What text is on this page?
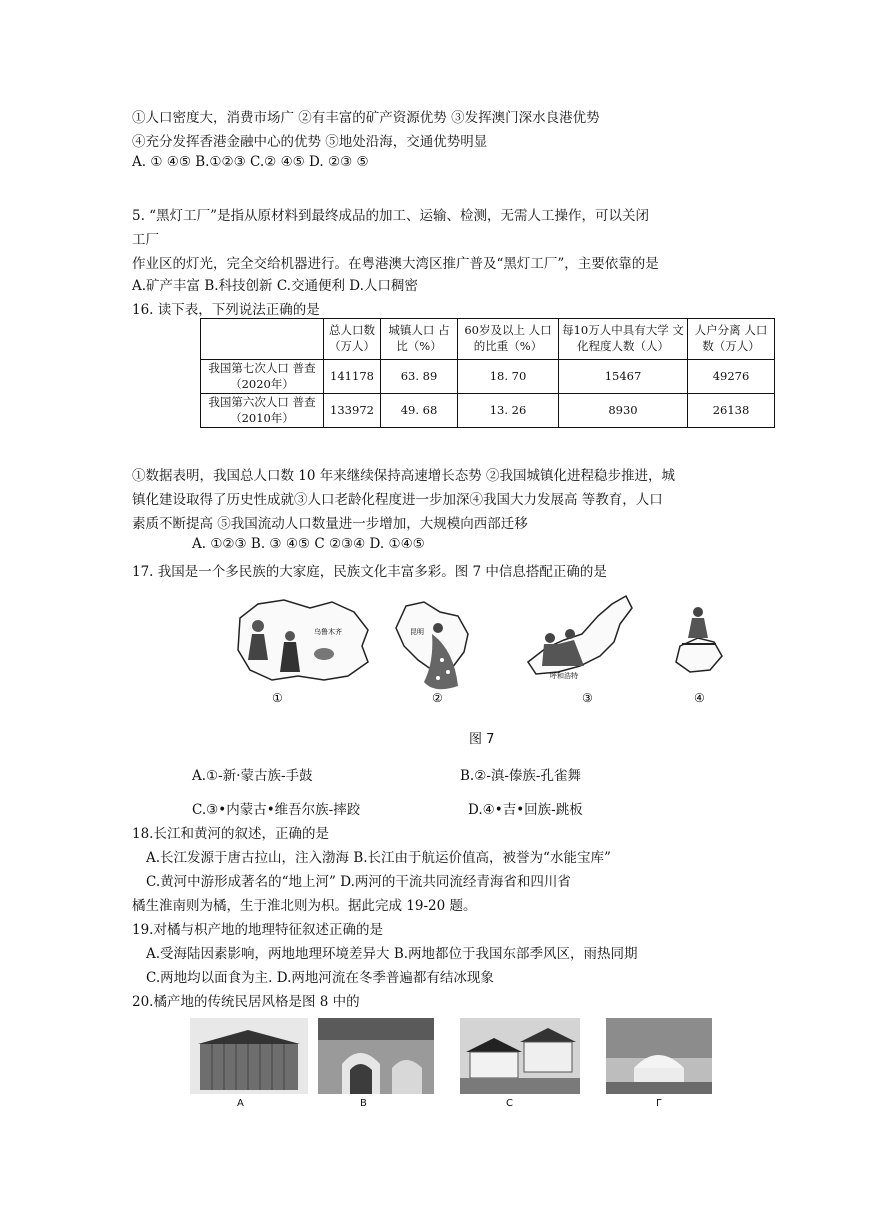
①人口密度大，消费市场广 ②有丰富的矿产资源优势 ③发挥澳门深水良港优势
④充分发挥香港金融中心的优势 ⑤地处沿海，交通优势明显
A. ① ④⑤ B.①②③ C.② ④⑤ D. ②③ ⑤
5. “黑灯工厂”是指从原材料到最终成品的加工、运输、检测，无需人工操作，可以关闭
工厂
作业区的灯光，完全交给机器进行。在粤港澳大湾区推广普及“黑灯工厂”，主要依靠的是
A.矿产丰富 B.科技创新 C.交通便利 D.人口稠密
16. 读下表，下列说法正确的是
	总人口数（万人）	城镇人口 占比（%）	60岁及以上 人口的比重（%）	每10万人中具有大学 文化程度人数（人）	人户分离 人口数（万人）
我国第七次人口 普查（2020年）	141178	63. 89	18. 70	15467	49276
我国第六次人口 普查（2010年）	133972	49. 68	13. 26	8930	26138
①数据表明，我国总人口数 10 年来继续保持高速增长态势 ②我国城镇化进程稳步推进，城
镇化建设取得了历史性成就③人口老龄化程度进一步加深④我国大力发展高 等教育，人口
素质不断提高 ⑤我国流动人口数量进一步增加，大规模向西部迁移
A. ①②③ B. ③ ④⑤ C ②③④ D. ①④⑤
17. 我国是一个多民族的大家庭，民族文化丰富多彩。图 7 中信息搭配正确的是
乌鲁木齐	昆明
呼和浩特
①	②	③	④
图 7
A.①-新·蒙古族-手鼓	B.②-滇-傣族-孔雀舞
C.③•内蒙古•维吾尔族-摔跤	D.④•吉•回族-跳板
18.长江和黄河的叙述，正确的是
A.长江发源于唐古拉山，注入渤海 B.长江由于航运价值高，被誉为“水能宝库”
C.黄河中游形成著名的“地上河” D.两河的干流共同流经青海省和四川省
橘生淮南则为橘，生于淮北则为枳。据此完成 19-20 题。
19.对橘与枳产地的地理特征叙述正确的是
A.受海陆因素影响，两地地理环境差异大 B.两地都位于我国东部季风区，雨热同期
C.两地均以面食为主. D.两地河流在冬季普遍都有结冰现象
20.橘产地的传统民居风格是图 8 中的
A	B	C	Γ
